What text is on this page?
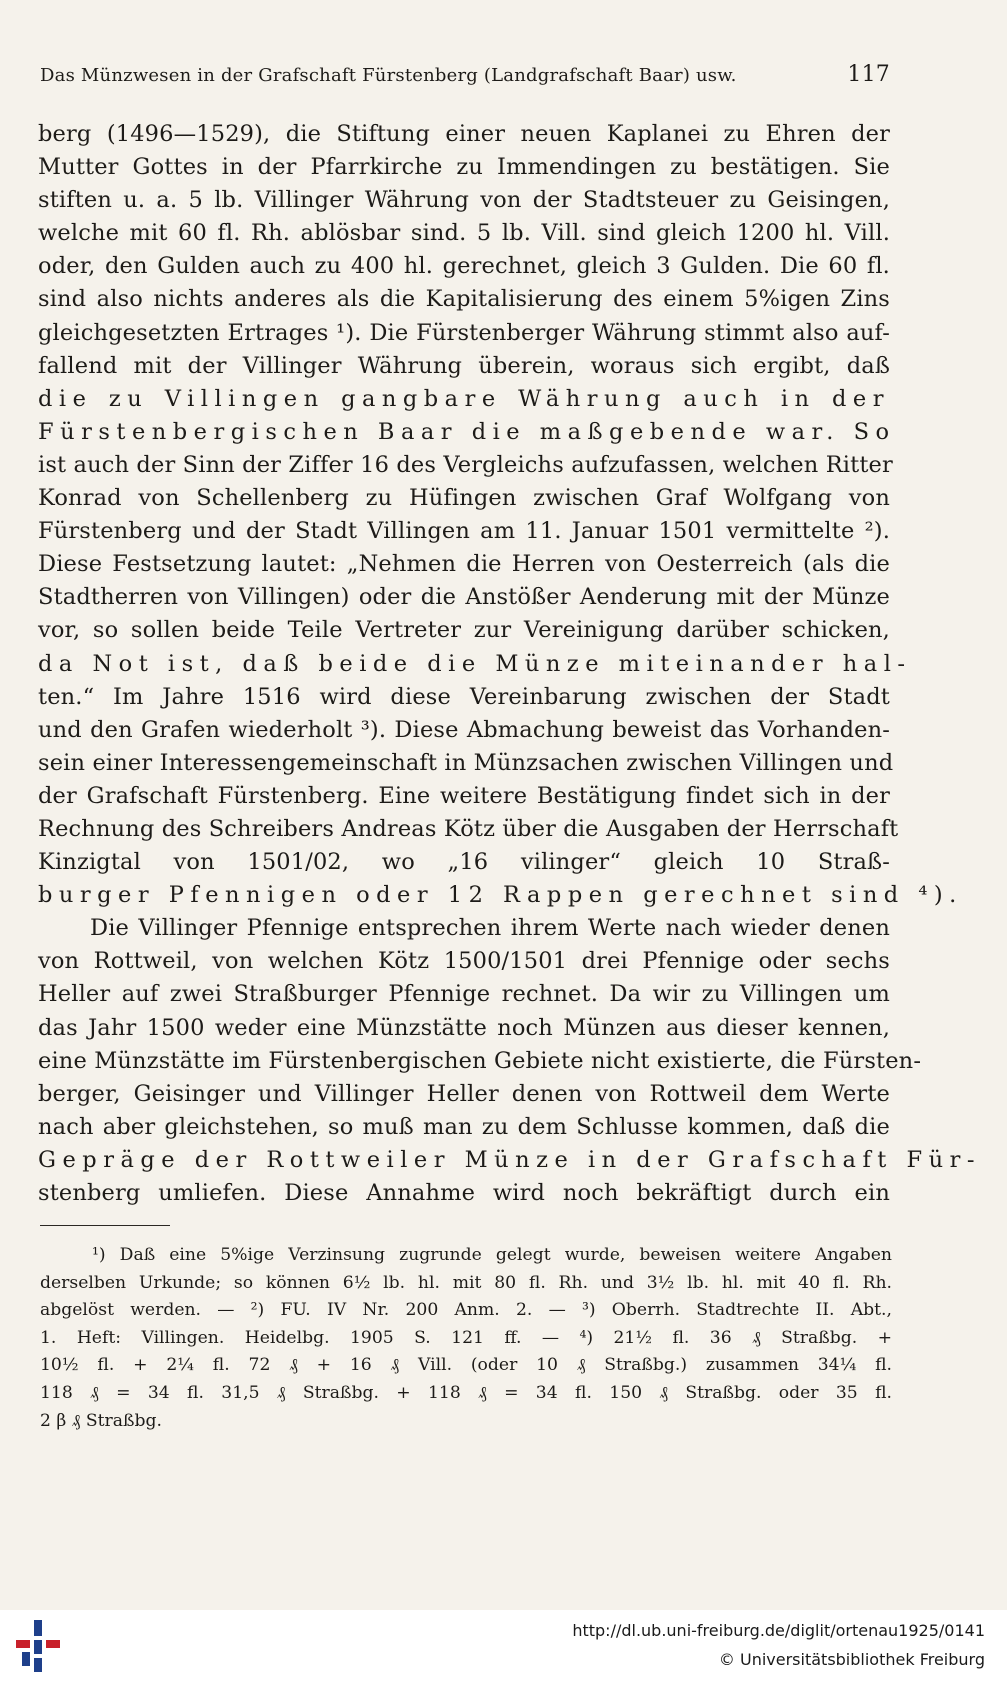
Das Münzwesen in der Grafschaft Fürstenberg (Landgrafschaft Baar) usw.	117
berg (1496—1529), die Stiftung einer neuen Kaplanei zu Ehren der
Mutter Gottes in der Pfarrkirche zu Immendingen zu bestätigen. Sie
stiften u. a. 5 lb. Villinger Währung von der Stadtsteuer zu Geisingen,
welche mit 60 fl. Rh. ablösbar sind. 5 lb. Vill. sind gleich 1200 hl. Vill.
oder, den Gulden auch zu 400 hl. gerechnet, gleich 3 Gulden. Die 60 fl.
sind also nichts anderes als die Kapitalisierung des einem 5%igen Zins
gleichgesetzten Ertrages ¹). Die Fürstenberger Währung stimmt also auf-
fallend mit der Villinger Währung überein, woraus sich ergibt, daß
die zu Villingen gangbare Währung auch in der
Fürstenbergischen Baar die maßgebende war. So
ist auch der Sinn der Ziffer 16 des Vergleichs aufzufassen, welchen Ritter
Konrad von Schellenberg zu Hüfingen zwischen Graf Wolfgang von
Fürstenberg und der Stadt Villingen am 11. Januar 1501 vermittelte ²).
Diese Festsetzung lautet: „Nehmen die Herren von Oesterreich (als die
Stadtherren von Villingen) oder die Anstößer Aenderung mit der Münze
vor, so sollen beide Teile Vertreter zur Vereinigung darüber schicken,
da Not ist, daß beide die Münze miteinander hal-
ten.“ Im Jahre 1516 wird diese Vereinbarung zwischen der Stadt
und den Grafen wiederholt ³). Diese Abmachung beweist das Vorhanden-
sein einer Interessengemeinschaft in Münzsachen zwischen Villingen und
der Grafschaft Fürstenberg. Eine weitere Bestätigung findet sich in der
Rechnung des Schreibers Andreas Kötz über die Ausgaben der Herrschaft
Kinzigtal von 1501/02, wo „16 vilinger“ gleich 10 Straß-
burger Pfennigen oder 12 Rappen gerechnet sind ⁴).
Die Villinger Pfennige entsprechen ihrem Werte nach wieder denen
von Rottweil, von welchen Kötz 1500/1501 drei Pfennige oder sechs
Heller auf zwei Straßburger Pfennige rechnet. Da wir zu Villingen um
das Jahr 1500 weder eine Münzstätte noch Münzen aus dieser kennen,
eine Münzstätte im Fürstenbergischen Gebiete nicht existierte, die Fürsten-
berger, Geisinger und Villinger Heller denen von Rottweil dem Werte
nach aber gleichstehen, so muß man zu dem Schlusse kommen, daß die
Gepräge der Rottweiler Münze in der Grafschaft Für-
stenberg umliefen. Diese Annahme wird noch bekräftigt durch ein
¹) Daß eine 5%ige Verzinsung zugrunde gelegt wurde, beweisen weitere Angaben
derselben Urkunde; so können 6½ lb. hl. mit 80 fl. Rh. und 3½ lb. hl. mit 40 fl. Rh.
abgelöst werden. — ²) FU. IV Nr. 200 Anm. 2. — ³) Oberrh. Stadtrechte II. Abt.,
1. Heft: Villingen. Heidelbg. 1905 S. 121 ff. — ⁴) 21½ fl. 36 ₰ Straßbg. +
10½ fl. + 2¼ fl. 72 ₰ + 16 ₰ Vill. (oder 10 ₰ Straßbg.) zusammen 34¼ fl.
118 ₰ = 34 fl. 31,5 ₰ Straßbg. + 118 ₰ = 34 fl. 150 ₰ Straßbg. oder 35 fl.
2 β ₰ Straßbg.
http://dl.ub.uni-freiburg.de/diglit/ortenau1925/0141
© Universitätsbibliothek Freiburg
